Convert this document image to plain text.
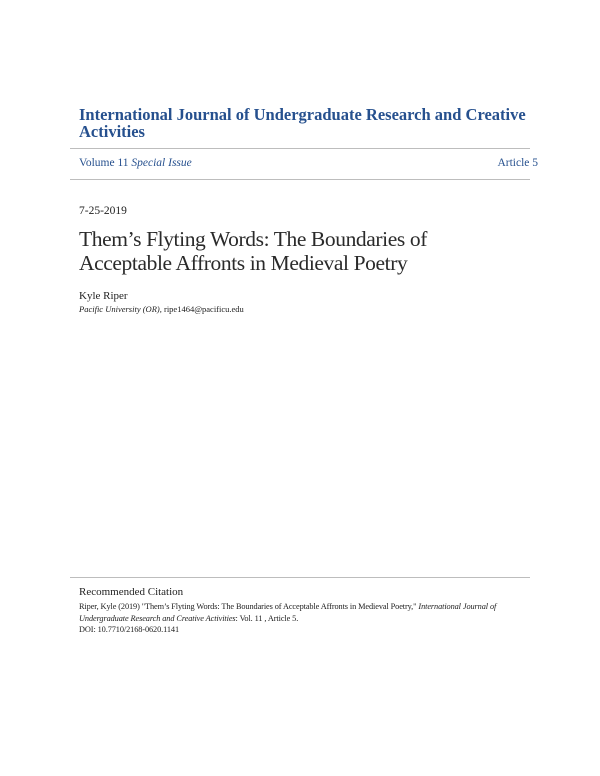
International Journal of Undergraduate Research and Creative Activities
Volume 11 Special Issue	Article 5
7-25-2019
Them’s Flyting Words: The Boundaries of Acceptable Affronts in Medieval Poetry
Kyle Riper
Pacific University (OR), ripe1464@pacificu.edu
Recommended Citation
Riper, Kyle (2019) "Them’s Flyting Words: The Boundaries of Acceptable Affronts in Medieval Poetry," International Journal of Undergraduate Research and Creative Activities: Vol. 11 , Article 5.
DOI: 10.7710/2168-0620.1141
